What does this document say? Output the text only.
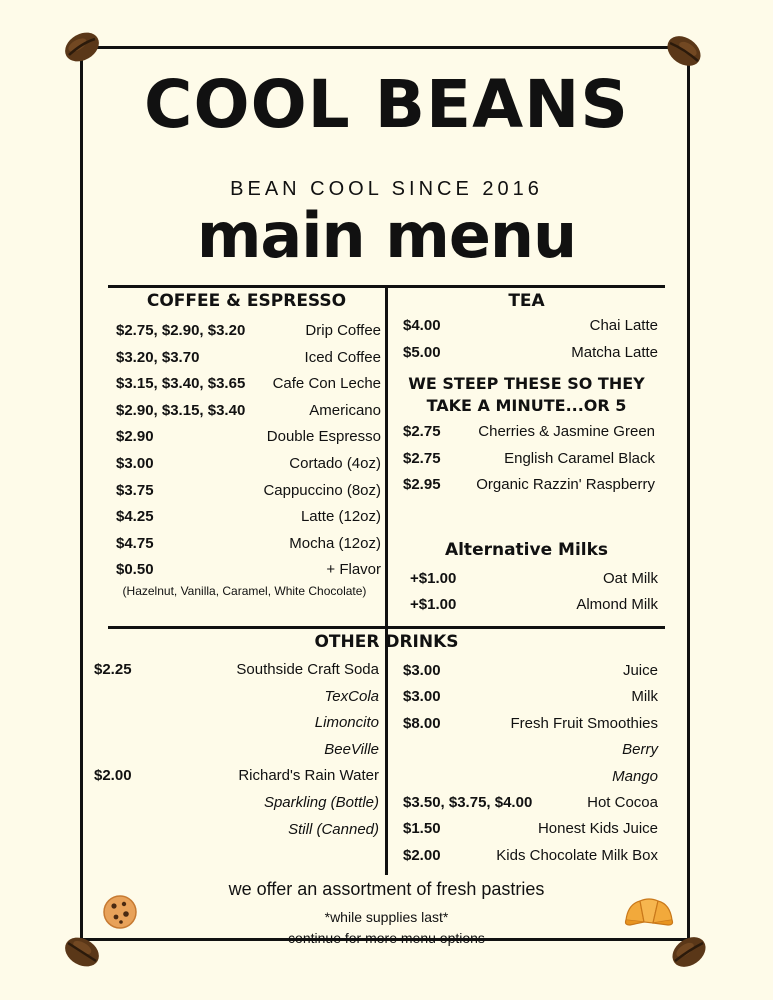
COOL BEANS
BEAN COOL SINCE 2016
main menu
COFFEE & ESPRESSO	TEA
WE STEEP THESE SO THEY
TAKE A MINUTE...OR 5
Alternative Milks
OTHER DRINKS
$2.75, $2.90, $3.20	Drip Coffee
$3.20, $3.70	Iced Coffee
$3.15, $3.40, $3.65 Cafe Con Leche
$2.90, $3.15, $3.40	Americano
$2.90	Double Espresso
$3.00	Cortado (4oz)
$3.75	Cappuccino (8oz)
$4.25	Latte (12oz)
$4.75	Mocha (12oz)
$0.50	+ Flavor
(Hazelnut, Vanilla, Caramel, White Chocolate)
$4.00	Chai Latte
$5.00	Matcha Latte
$2.75	Cherries & Jasmine Green
$2.75	English Caramel Black
$2.95 Organic Razzin' Raspberry
+$1.00	Oat Milk
+$1.00	Almond Milk
$2.25	Southside Craft Soda
TexCola
Limoncito
BeeVille
$2.00	Richard's Rain Water
Sparkling (Bottle)
Still (Canned)
$3.00	Juice
$3.00	Milk
$8.00	Fresh Fruit Smoothies
Berry
Mango
$3.50, $3.75, $4.00	Hot Cocoa
$1.50	Honest Kids Juice
$2.00	Kids Chocolate Milk Box
we offer an assortment of fresh pastries
*while supplies last*
continue for more menu options
